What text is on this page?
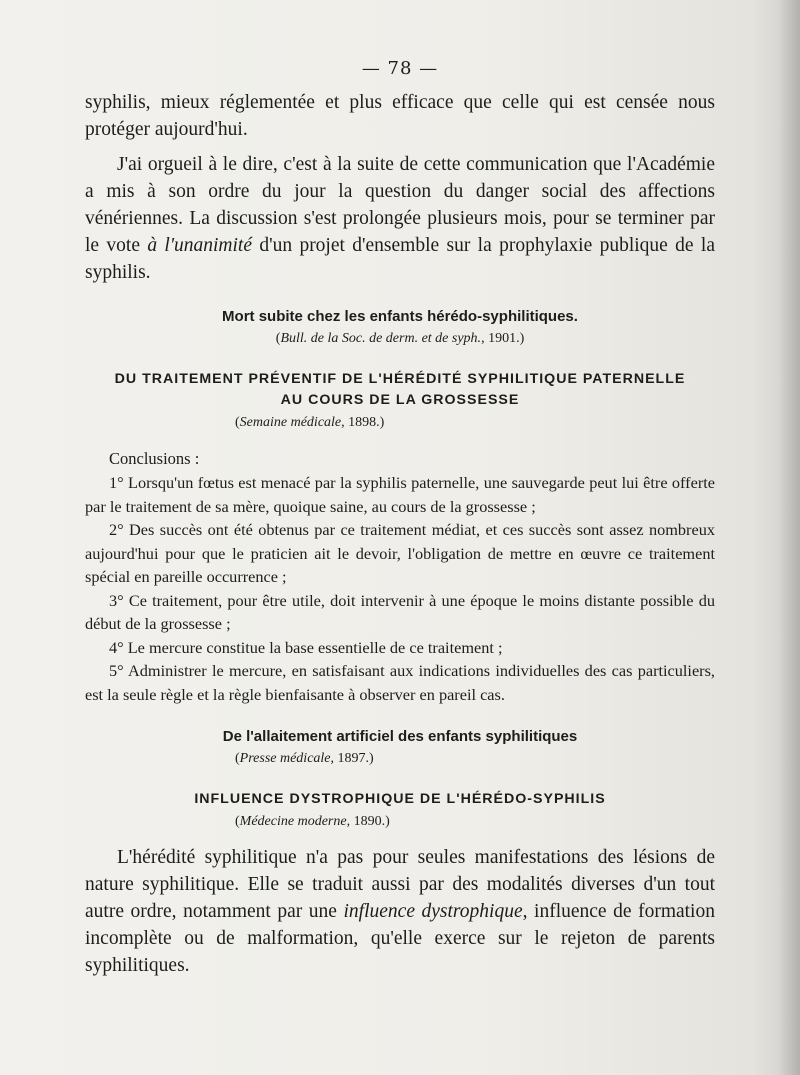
— 78 —

syphilis, mieux réglementée et plus efficace que celle qui est censée nous protéger aujourd'hui.

J'ai orgueil à le dire, c'est à la suite de cette communication que l'Académie a mis à son ordre du jour la question du danger social des affections vénériennes. La discussion s'est prolongée plusieurs mois, pour se terminer par le vote à l'unanimité d'un projet d'ensemble sur la prophylaxie publique de la syphilis.

Mort subite chez les enfants hérédo-syphilitiques.
(Bull. de la Soc. de derm. et de syph., 1901.)
DU TRAITEMENT PRÉVENTIF DE L'HÉRÉDITÉ SYPHILITIQUE PATERNELLE
AU COURS DE LA GROSSESSE
(Semaine médicale, 1898.)
Conclusions :

1° Lorsqu'un fœtus est menacé par la syphilis paternelle, une sauvegarde peut lui être offerte par le traitement de sa mère, quoique saine, au cours de la grossesse ;

2° Des succès ont été obtenus par ce traitement médiat, et ces succès sont assez nombreux aujourd'hui pour que le praticien ait le devoir, l'obligation de mettre en œuvre ce traitement spécial en pareille occurrence ;

3° Ce traitement, pour être utile, doit intervenir à une époque le moins distante possible du début de la grossesse ;

4° Le mercure constitue la base essentielle de ce traitement ;

5° Administrer le mercure, en satisfaisant aux indications individuelles des cas particuliers, est la seule règle et la règle bienfaisante à observer en pareil cas.

De l'allaitement artificiel des enfants syphilitiques
(Presse médicale, 1897.)
INFLUENCE DYSTROPHIQUE DE L'HÉRÉDO-SYPHILIS
(Médecine moderne, 1890.)

L'hérédité syphilitique n'a pas pour seules manifestations des lésions de nature syphilitique. Elle se traduit aussi par des modalités diverses d'un tout autre ordre, notamment par une influence dystrophique, influence de formation incomplète ou de malformation, qu'elle exerce sur le rejeton de parents syphilitiques.
